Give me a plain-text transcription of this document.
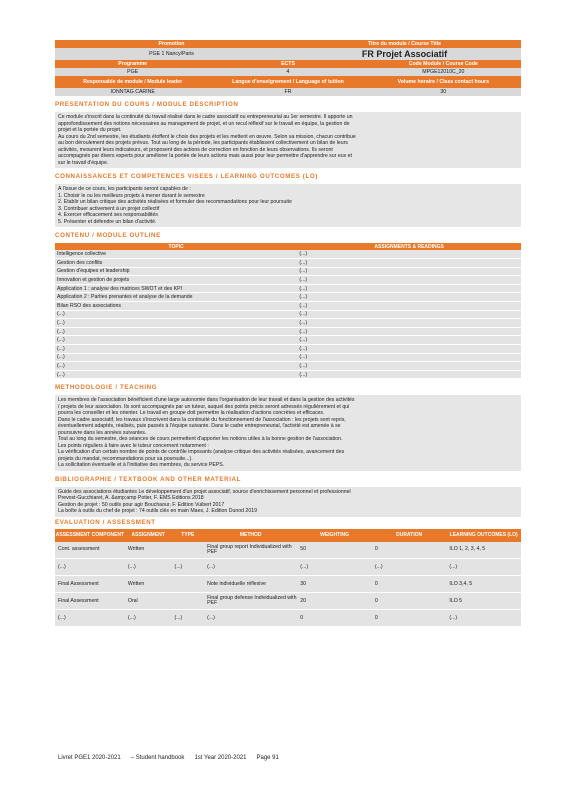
Promotion	Titre du module / Course Title
PGE 1 Nancy/Paris	FR Projet Associatif
Programme	ECTS	Code Module / Course Code
PGE	4	MPGE12010C_20
Responsable de module / Module leader	Langue d'enseignement / Language of tuition	Volume horaire / Class contact hours
IONNTAG CARINE	FR	30
PRESENTATION DU COURS / MODULE DESCRIPTION

Ce module s'inscrit dans la continuité du travail réalisé dans le cadre associatif ou entrepreneurial au 1er semestre. Il apporte un

approfondissement des notions nécessaires au management de projet, et un recul réflexif sur le travail en équipe, la gestion de

projet et la portée du projet.

Au cours du 2nd semestre, les étudiants étoffent le choix des projets et les mettent en œuvre. Selon sa mission, chacun contribue

au bon déroulement des projets prévus. Tout au long de la période, les participants établissent collectivement un bilan de leurs

activités, mesurent leurs indicateurs, et proposent des actions de correction en fonction de leurs observations. Ils seront

accompagnés par divers experts pour améliorer la portée de leurs actions mais aussi pour leur permettre d'apprendre sur eux et

sur le travail d'équipe.

CONNAISSANCES ET COMPETENCES VISEES / LEARNING OUTCOMES (LO)

A l'issue de ce cours, les participants seront capables de :

1. Choisir le ou les meilleurs projets à mener durant le semestre

2. Etablir un bilan critique des activités réalisées et formuler des recommandations pour leur poursuite

3. Contribuer activement à un projet collectif

4. Exercer efficacement ses responsabilités

5. Présenter et défendre un bilan d'activité.

CONTENU / MODULE OUTLINE
TOPIC	ASSIGNMENTS & READINGS
Intelligence collective	(...)
Gestion des conflits	(...)
Gestion d'équipes et leadership	(...)
Innovation et gestion de projets	(...)
Application 1 : analyse des matrices SWOT et des KPI	(...)
Application 2 : Parties prenantes et analyse de la demande	(...)
Bilan RSO des associations	(...)
(...)	(...)
(...)	(...)
(...)	(...)
(...)	(...)
(...)	(...)
(...)	(...)
(...)	(...)
(...)	(...)
METHODOLOGIE / TEACHING

Les membres de l'association bénéficient d'une large autonomie dans l'organisation de leur travail et dans la gestion des activités

/ projets de leur association. Ils sont accompagnés par un tuteur, auquel des points précis seront adressés régulièrement et qui

pourra les conseiller et les orienter. Le travail en groupe doit permettre la réalisation d'actions concrètes et efficaces.

Dans le cadre associatif, les travaux s'inscrivent dans la continuité du fonctionnement de l'association : les projets sont repris,

éventuellement adaptés, réalisés, puis passés à l'équipe suivante. Dans le cadre entrepreneurial, l'activité est amenée à se

poursuivre dans les années suivantes.

Tout au long du semestre, des séances de cours permettent d'apporter les notions utiles à la bonne gestion de l'association.

Les points réguliers à faire avec le tuteur concernent notamment :

La vérification d'un certain nombre de points de contrôle imposants (analyse critique des activités réalisées, avancement des

projets du mandat, recommandations pour sa poursuite...).

La sollicitation éventuelle et à l'initiative des membres, du service PEPS.

BIBLIOGRAPHIE / TEXTBOOK AND OTHER MATERIAL

Guide des associations étudiantes Le développement d'un projet associatif, source d'enrichissement personnel et professionnel

Prevost-Gucchiaret, A. &amp;amp Potier, F. EMS Editions 2018

Gestion de projet : 50 outils pour agir Bouchaour, F. Edition Vuibert 2017

La boîte à outils du chef de projet : 74 outils clés en main Maes, J. Edition Dunod 2019

EVALUATION / ASSESSMENT
ASSESSMENT COMPONENT	ASSIGNMENT	TYPE	METHOD	WEIGHTING	DURATION	LEARNING OUTCOMES (LO)
Cont. assessment	Written		Final group report Individualized with PEF	50	0	ILO 1, 2, 3, 4, 5
(...)	(...)	(...)	(...)	(...)	(...)	(...)
Final Assessment	Written		Note individuelle réflexive	30	0	ILO 3,4, 5
Final Assessment	Oral		Final group defense Individualized with PEF	20	0	ILO 5
(...)	(...)	(...)	(...)	0	0	(...)
Livret PGE1 2020-2021 – Student handbook 1st Year 2020-2021 Page 91
